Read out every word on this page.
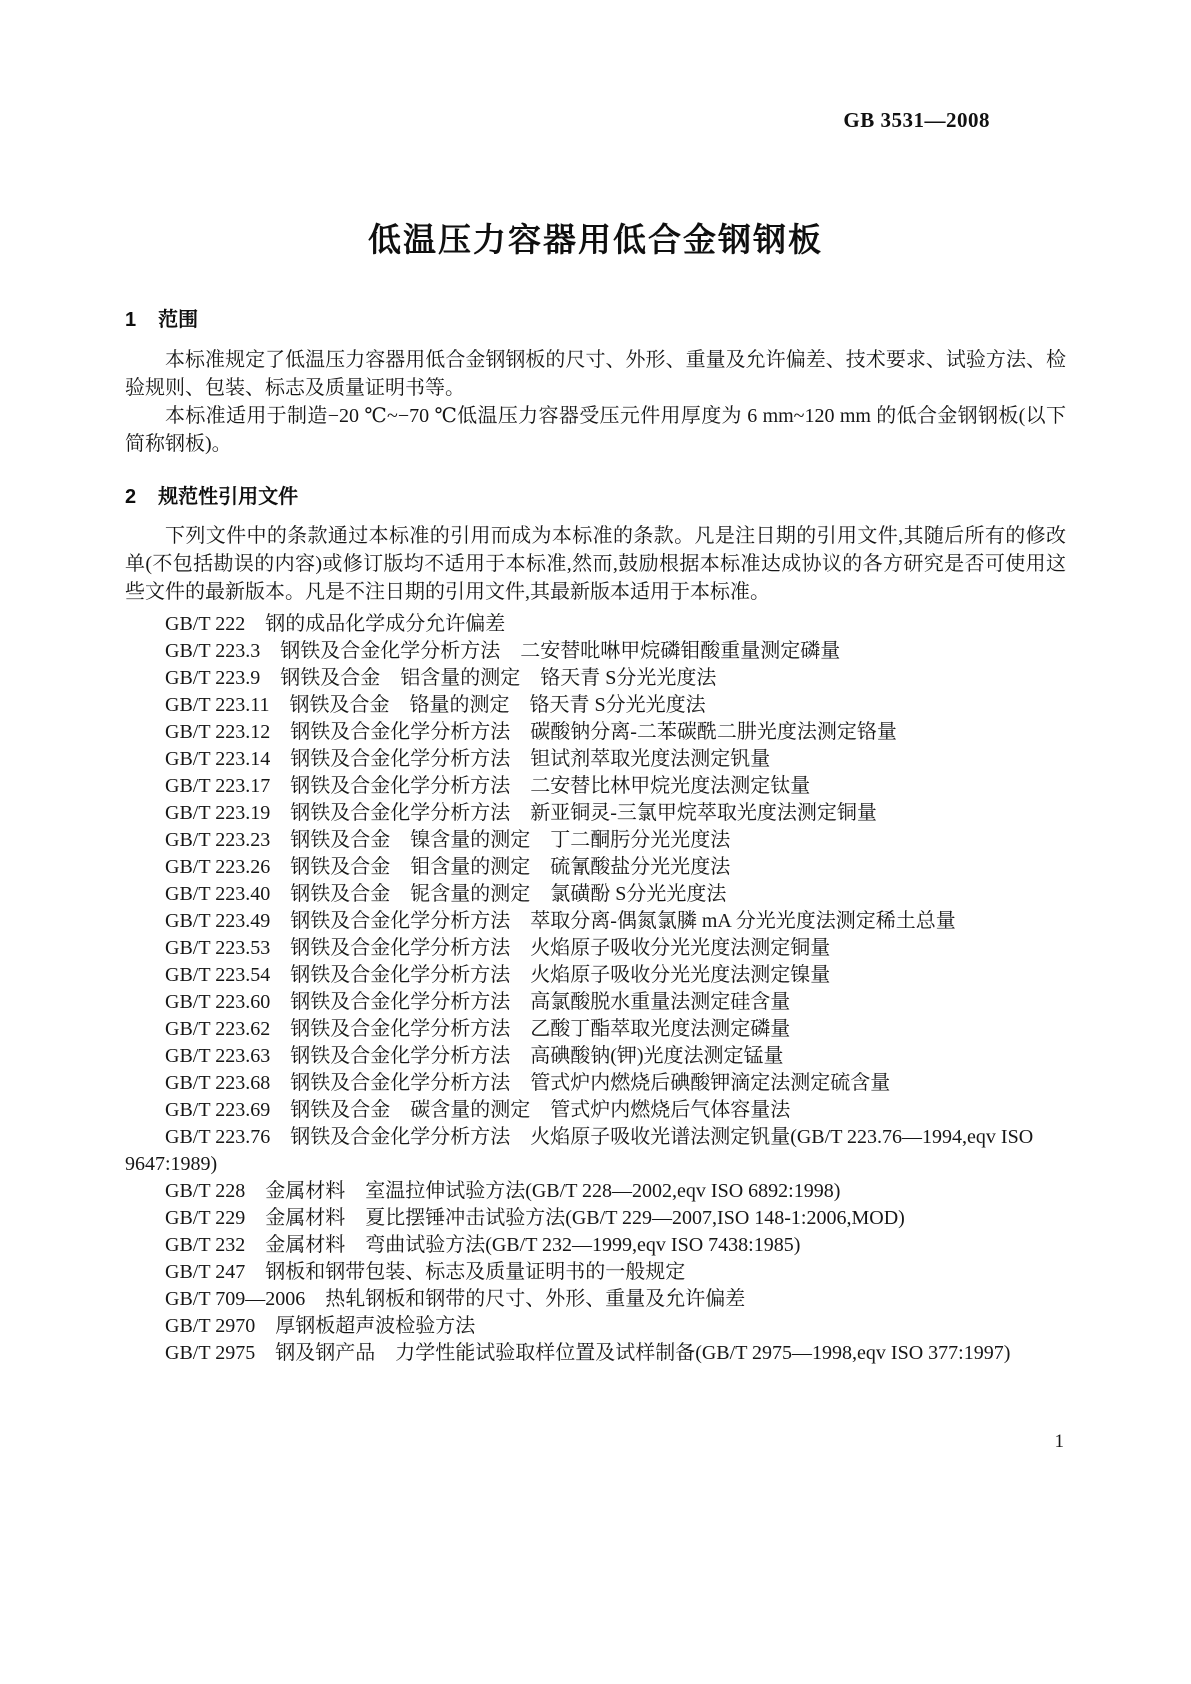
GB 3531—2008
低温压力容器用低合金钢钢板
1 范围

本标准规定了低温压力容器用低合金钢钢板的尺寸、外形、重量及允许偏差、技术要求、试验方法、检验规则、包装、标志及质量证明书等。

本标准适用于制造−20 ℃~−70 ℃低温压力容器受压元件用厚度为 6 mm~120 mm 的低合金钢钢板(以下简称钢板)。

2 规范性引用文件

下列文件中的条款通过本标准的引用而成为本标准的条款。凡是注日期的引用文件,其随后所有的修改单(不包括勘误的内容)或修订版均不适用于本标准,然而,鼓励根据本标准达成协议的各方研究是否可使用这些文件的最新版本。凡是不注日期的引用文件,其最新版本适用于本标准。

GB/T 222　钢的成品化学成分允许偏差

GB/T 223.3　钢铁及合金化学分析方法　二安替吡啉甲烷磷钼酸重量测定磷量

GB/T 223.9　钢铁及合金　铝含量的测定　铬天青 S分光光度法

GB/T 223.11　钢铁及合金　铬量的测定　铬天青 S分光光度法

GB/T 223.12　钢铁及合金化学分析方法　碳酸钠分离-二苯碳酰二肼光度法测定铬量

GB/T 223.14　钢铁及合金化学分析方法　钽试剂萃取光度法测定钒量

GB/T 223.17　钢铁及合金化学分析方法　二安替比林甲烷光度法测定钛量

GB/T 223.19　钢铁及合金化学分析方法　新亚铜灵-三氯甲烷萃取光度法测定铜量

GB/T 223.23　钢铁及合金　镍含量的测定　丁二酮肟分光光度法

GB/T 223.26　钢铁及合金　钼含量的测定　硫氰酸盐分光光度法

GB/T 223.40　钢铁及合金　铌含量的测定　氯磺酚 S分光光度法

GB/T 223.49　钢铁及合金化学分析方法　萃取分离-偶氮氯膦 mA 分光光度法测定稀土总量

GB/T 223.53　钢铁及合金化学分析方法　火焰原子吸收分光光度法测定铜量

GB/T 223.54　钢铁及合金化学分析方法　火焰原子吸收分光光度法测定镍量

GB/T 223.60　钢铁及合金化学分析方法　高氯酸脱水重量法测定硅含量

GB/T 223.62　钢铁及合金化学分析方法　乙酸丁酯萃取光度法测定磷量

GB/T 223.63　钢铁及合金化学分析方法　高碘酸钠(钾)光度法测定锰量

GB/T 223.68　钢铁及合金化学分析方法　管式炉内燃烧后碘酸钾滴定法测定硫含量

GB/T 223.69　钢铁及合金　碳含量的测定　管式炉内燃烧后气体容量法

GB/T 223.76　钢铁及合金化学分析方法　火焰原子吸收光谱法测定钒量(GB/T 223.76—1994,eqv ISO 9647:1989)

GB/T 228　金属材料　室温拉伸试验方法(GB/T 228—2002,eqv ISO 6892:1998)

GB/T 229　金属材料　夏比摆锤冲击试验方法(GB/T 229—2007,ISO 148-1:2006,MOD)

GB/T 232　金属材料　弯曲试验方法(GB/T 232—1999,eqv ISO 7438:1985)

GB/T 247　钢板和钢带包装、标志及质量证明书的一般规定

GB/T 709—2006　热轧钢板和钢带的尺寸、外形、重量及允许偏差

GB/T 2970　厚钢板超声波检验方法

GB/T 2975　钢及钢产品　力学性能试验取样位置及试样制备(GB/T 2975—1998,eqv ISO 377:1997)

1
